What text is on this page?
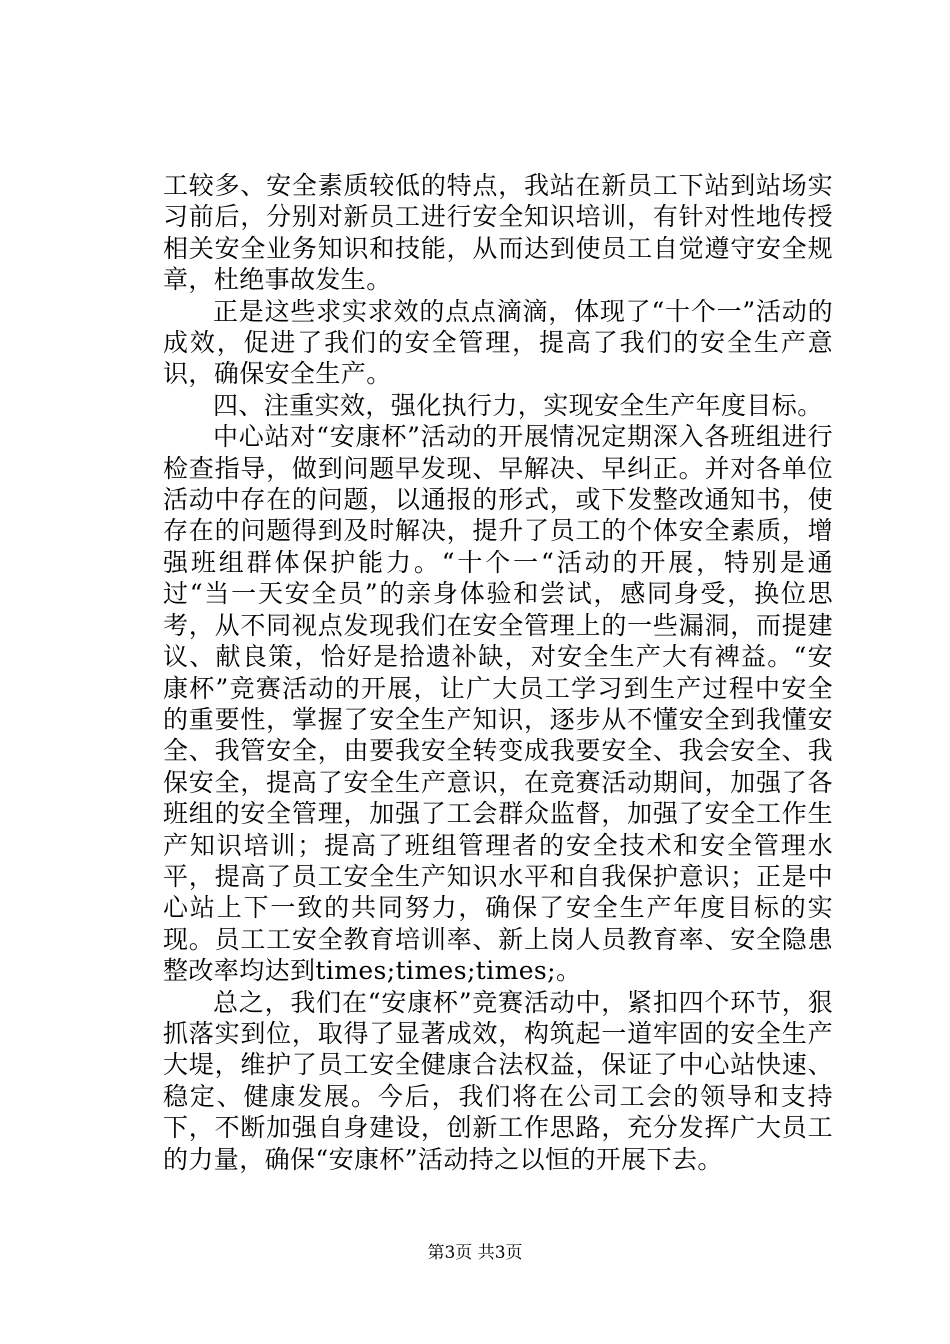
工较多、安全素质较低的特点，我站在新员工下站到站场实习前后，分别对新员工进行安全知识培训，有针对性地传授相关安全业务知识和技能，从而达到使员工自觉遵守安全规章，杜绝事故发生。

正是这些求实求效的点点滴滴，体现了“十个一”活动的成效，促进了我们的安全管理，提高了我们的安全生产意识，确保安全生产。

四、注重实效，强化执行力，实现安全生产年度目标。

中心站对“安康杯”活动的开展情况定期深入各班组进行检查指导，做到问题早发现、早解决、早纠正。并对各单位活动中存在的问题，以通报的形式，或下发整改通知书，使存在的问题得到及时解决，提升了员工的个体安全素质，增强班组群体保护能力。“十个一“活动的开展，特别是通过“当一天安全员”的亲身体验和尝试，感同身受，换位思考，从不同视点发现我们在安全管理上的一些漏洞，而提建议、献良策，恰好是拾遗补缺，对安全生产大有裨益。“安康杯”竞赛活动的开展，让广大员工学习到生产过程中安全的重要性，掌握了安全生产知识，逐步从不懂安全到我懂安全、我管安全，由要我安全转变成我要安全、我会安全、我保安全，提高了安全生产意识，在竞赛活动期间，加强了各班组的安全管理，加强了工会群众监督，加强了安全工作生产知识培训；提高了班组管理者的安全技术和安全管理水平，提高了员工安全生产知识水平和自我保护意识；正是中心站上下一致的共同努力，确保了安全生产年度目标的实现。员工工安全教育培训率、新上岗人员教育率、安全隐患整改率均达到times;times;times;。

总之，我们在“安康杯”竞赛活动中，紧扣四个环节，狠抓落实到位，取得了显著成效，构筑起一道牢固的安全生产大堤，维护了员工安全健康合法权益，保证了中心站快速、稳定、健康发展。今后，我们将在公司工会的领导和支持下，不断加强自身建设，创新工作思路，充分发挥广大员工的力量，确保“安康杯”活动持之以恒的开展下去。

第3页 共3页
